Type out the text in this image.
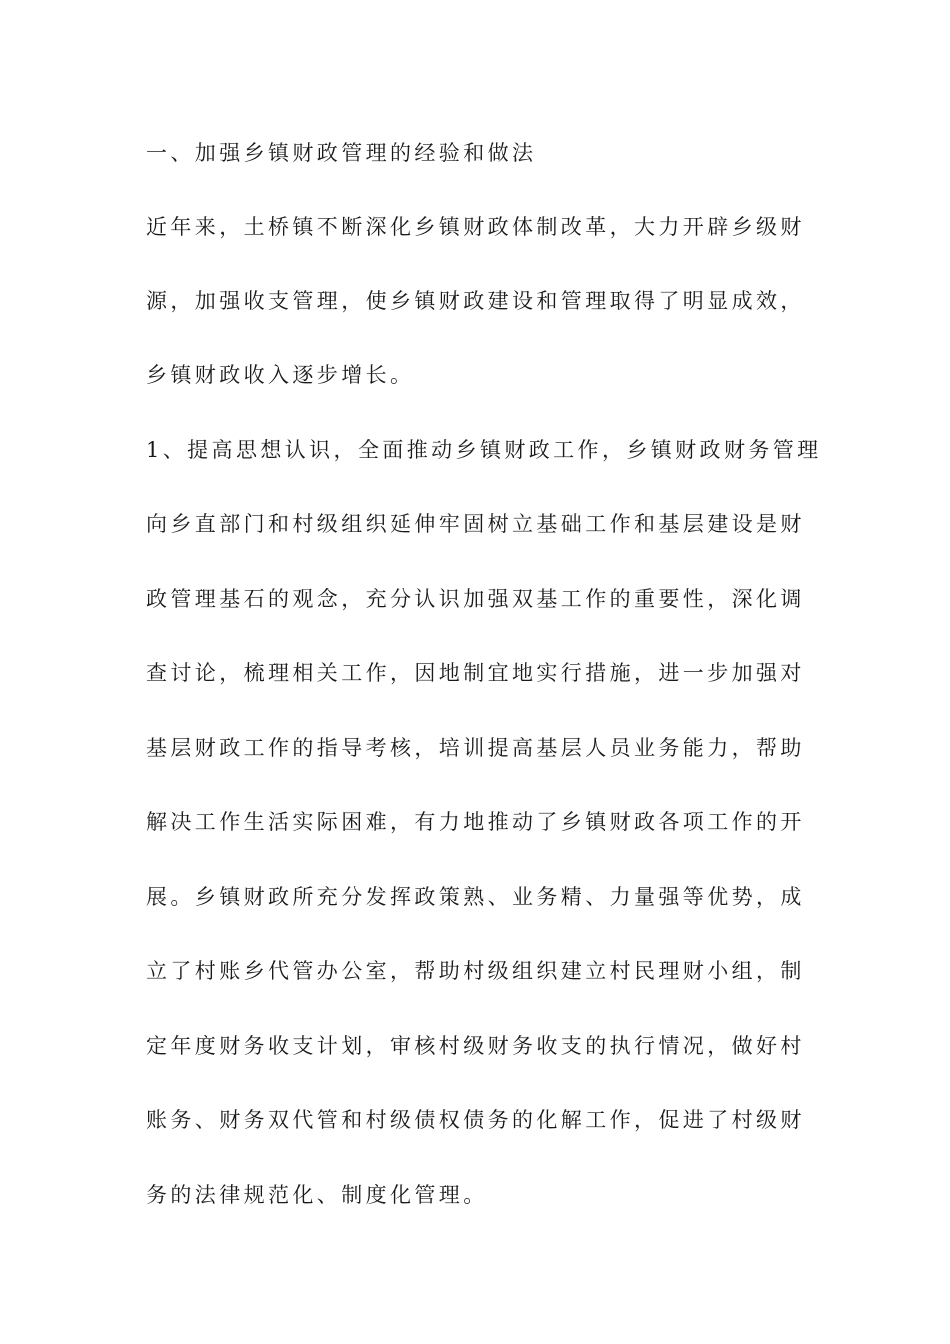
一、加强乡镇财政管理的经验和做法
近年来，土桥镇不断深化乡镇财政体制改革，大力开辟乡级财
源，加强收支管理，使乡镇财政建设和管理取得了明显成效，
乡镇财政收入逐步增长。
1、提高思想认识，全面推动乡镇财政工作，乡镇财政财务管理
向乡直部门和村级组织延伸牢固树立基础工作和基层建设是财
政管理基石的观念，充分认识加强双基工作的重要性，深化调
查讨论，梳理相关工作，因地制宜地实行措施，进一步加强对
基层财政工作的指导考核，培训提高基层人员业务能力，帮助
解决工作生活实际困难，有力地推动了乡镇财政各项工作的开
展。乡镇财政所充分发挥政策熟、业务精、力量强等优势，成
立了村账乡代管办公室，帮助村级组织建立村民理财小组，制
定年度财务收支计划，审核村级财务收支的执行情况，做好村
账务、财务双代管和村级债权债务的化解工作，促进了村级财
务的法律规范化、制度化管理。
